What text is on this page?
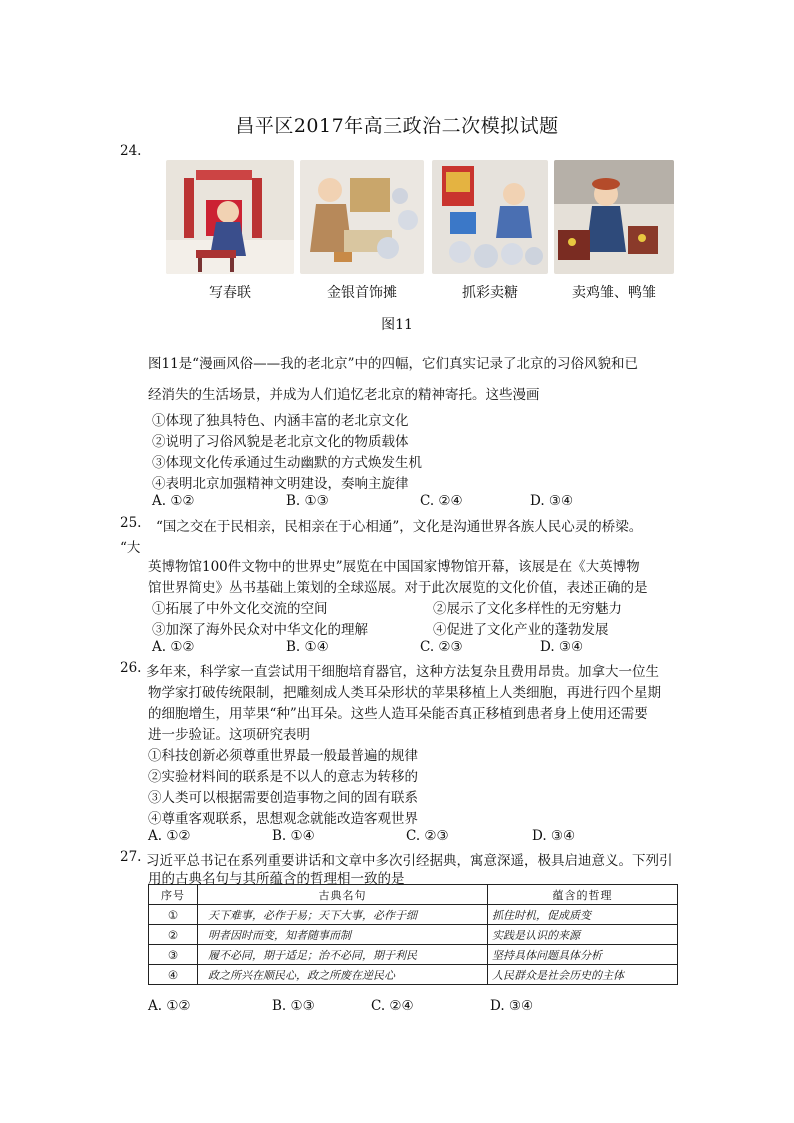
昌平区2017年高三政治二次模拟试题
24.
写春联	金银首饰摊	抓彩卖糖	卖鸡雏、鸭雏
图11
图11是“漫画风俗——我的老北京”中的四幅，它们真实记录了北京的习俗风貌和已
经消失的生活场景，并成为人们追忆老北京的精神寄托。这些漫画
①体现了独具特色、内涵丰富的老北京文化
②说明了习俗风貌是老北京文化的物质载体
③体现文化传承通过生动幽默的方式焕发生机
④表明北京加强精神文明建设，奏响主旋律
A. ①②	B. ①③	C. ②④	D. ③④
25. “国之交在于民相亲，民相亲在于心相通”，文化是沟通世界各族人民心灵的桥梁。
“大
英博物馆100件文物中的世界史”展览在中国国家博物馆开幕，该展是在《大英博物
馆世界简史》丛书基础上策划的全球巡展。对于此次展览的文化价值，表述正确的是
①拓展了中外文化交流的空间	②展示了文化多样性的无穷魅力
③加深了海外民众对中华文化的理解	④促进了文化产业的蓬勃发展
A. ①②	B. ①④	C. ②③	D. ③④
26. 多年来，科学家一直尝试用干细胞培育器官，这种方法复杂且费用昂贵。加拿大一位生
物学家打破传统限制，把雕刻成人类耳朵形状的苹果移植上人类细胞，再进行四个星期
的细胞增生，用苹果“种”出耳朵。这些人造耳朵能否真正移植到患者身上使用还需要
进一步验证。这项研究表明
①科技创新必须尊重世界最一般最普遍的规律
②实验材料间的联系是不以人的意志为转移的
③人类可以根据需要创造事物之间的固有联系
④尊重客观联系，思想观念就能改造客观世界
A. ①②	B. ①④	C. ②③	D. ③④
27. 习近平总书记在系列重要讲话和文章中多次引经据典，寓意深遥，极具启迪意义。下列引
用的古典名句与其所蕴含的哲理相一致的是
序号	古典名句	蕴含的哲理
①	天下难事，必作于易；天下大事，必作于细	抓住时机，促成质变
②	明者因时而变，知者随事而制	实践是认识的来源
③	履不必同，期于适足；治不必同，期于利民	坚持具体问题具体分析
④	政之所兴在顺民心，政之所废在逆民心	人民群众是社会历史的主体
A. ①②	B. ①③	C. ②④	D. ③④
